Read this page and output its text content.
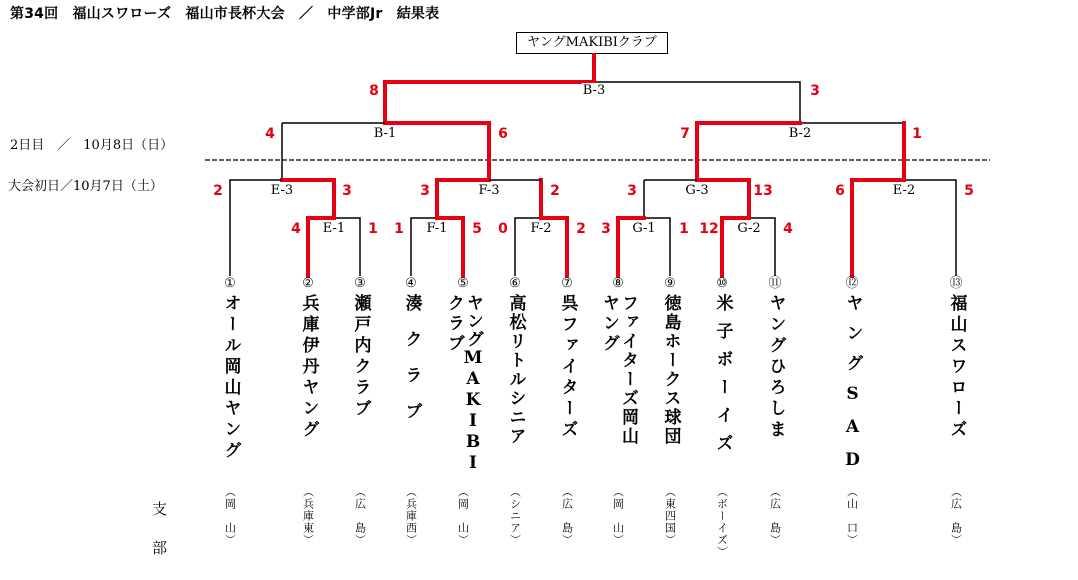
第34回　福山スワローズ　福山市長杯大会　／　中学部Jr　結果表
ヤングMAKIBIクラブ
2日目　／　10月8日（日）
大会初日／10月7日（土）
E-1	F-1	F-2	G-1	G-2
E-3	F-3	G-3	E-2
B-1	B-2
B-3
4	1 1	5 0	2 3	1 12	4
2	3	3	2	3	13	6	5
4	6	7	1
8	3
①
オール岡山ヤング
②
兵庫伊丹ヤング
③
瀬戸内クラブ
④
湊　ク　ラ　ブ
⑤
ヤングMAKIBI
クラブ
⑥
高松リトルシニア
⑦
呉ファイターズ
⑧
ファイターズ岡山
ヤング
⑨
徳島ホークス球団
⑩
米子ボーイズ
⑪
ヤングひろしま
⑫
ヤングSAD
⑬
福山スワローズ
支
部
（岡　山）	（兵庫東）	（広　島）	（兵庫西）	（岡　山）	（シニア）	（広　島）	（岡　山）	（東四国）	（ボーイズ）	（広　島）	（山　口）	（広　島）
